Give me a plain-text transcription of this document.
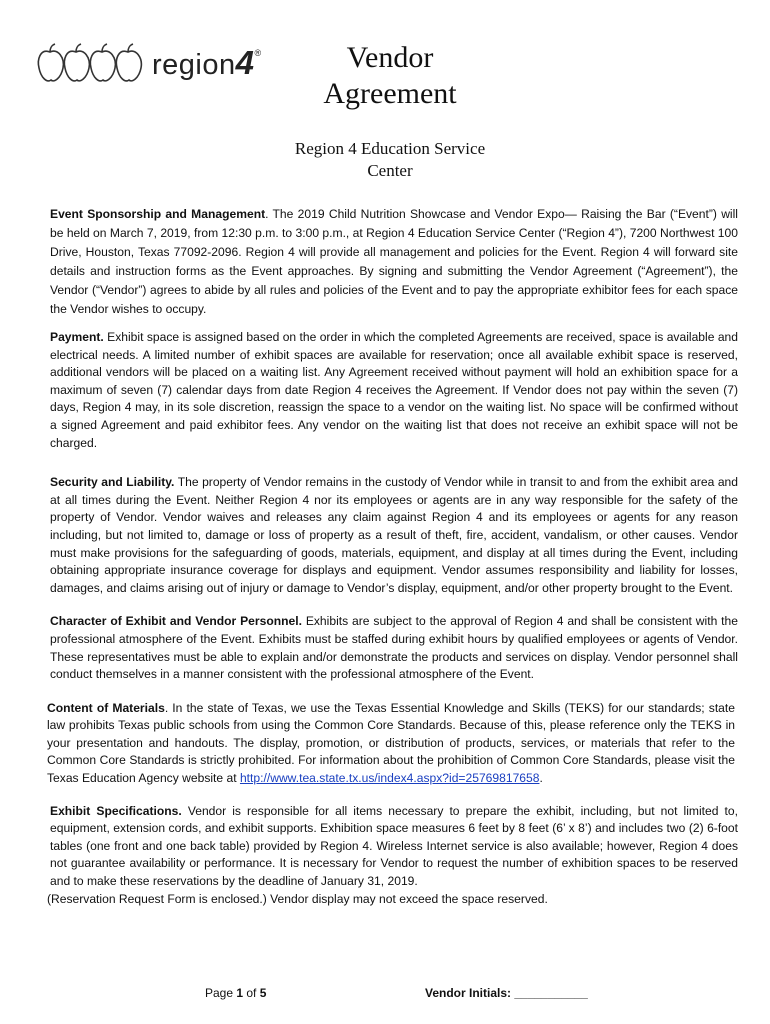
region4®	Vendor
Agreement
Region 4 Education Service
Center

Event Sponsorship and Management. The 2019 Child Nutrition Showcase and Vendor Expo— Raising the Bar (“Event”) will be held on March 7, 2019, from 12:30 p.m. to 3:00 p.m., at Region 4 Education Service Center (“Region 4”), 7200 Northwest 100 Drive, Houston, Texas 77092-2096. Region 4 will provide all management and policies for the Event. Region 4 will forward site details and instruction forms as the Event approaches. By signing and submitting the Vendor Agreement (“Agreement”), the Vendor (“Vendor”) agrees to abide by all rules and policies of the Event and to pay the appropriate exhibitor fees for each space the Vendor wishes to occupy.

Payment. Exhibit space is assigned based on the order in which the completed Agreements are received, space is available and electrical needs. A limited number of exhibit spaces are available for reservation; once all available exhibit space is reserved, additional vendors will be placed on a waiting list. Any Agreement received without payment will hold an exhibition space for a maximum of seven (7) calendar days from date Region 4 receives the Agreement. If Vendor does not pay within the seven (7) days, Region 4 may, in its sole discretion, reassign the space to a vendor on the waiting list. No space will be confirmed without a signed Agreement and paid exhibitor fees. Any vendor on the waiting list that does not receive an exhibit space will not be charged.

Security and Liability. The property of Vendor remains in the custody of Vendor while in transit to and from the exhibit area and at all times during the Event. Neither Region 4 nor its employees or agents are in any way responsible for the safety of the property of Vendor. Vendor waives and releases any claim against Region 4 and its employees or agents for any reason including, but not limited to, damage or loss of property as a result of theft, fire, accident, vandalism, or other causes. Vendor must make provisions for the safeguarding of goods, materials, equipment, and display at all times during the Event, including obtaining appropriate insurance coverage for displays and equipment. Vendor assumes responsibility and liability for losses, damages, and claims arising out of injury or damage to Vendor’s display, equipment, and/or other property brought to the Event.

Character of Exhibit and Vendor Personnel. Exhibits are subject to the approval of Region 4 and shall be consistent with the professional atmosphere of the Event. Exhibits must be staffed during exhibit hours by qualified employees or agents of Vendor. These representatives must be able to explain and/or demonstrate the products and services on display. Vendor personnel shall conduct themselves in a manner consistent with the professional atmosphere of the Event.

Content of Materials. In the state of Texas, we use the Texas Essential Knowledge and Skills (TEKS) for our standards; state law prohibits Texas public schools from using the Common Core Standards. Because of this, please reference only the TEKS in your presentation and handouts. The display, promotion, or distribution of products, services, or materials that refer to the Common Core Standards is strictly prohibited. For information about the prohibition of Common Core Standards, please visit the Texas Education Agency website at http://www.tea.state.tx.us/index4.aspx?id=25769817658.

Exhibit Specifications. Vendor is responsible for all items necessary to prepare the exhibit, including, but not limited to, equipment, extension cords, and exhibit supports. Exhibition space measures 6 feet by 8 feet (6’ x 8’) and includes two (2) 6-foot tables (one front and one back table) provided by Region 4. Wireless Internet service is also available; however, Region 4 does not guarantee availability or performance. It is necessary for Vendor to request the number of exhibition spaces to be reserved and to make these reservations by the deadline of January 31, 2019.
(Reservation Request Form is enclosed.) Vendor display may not exceed the space reserved.

Page 1 of 5	Vendor Initials: ___________
